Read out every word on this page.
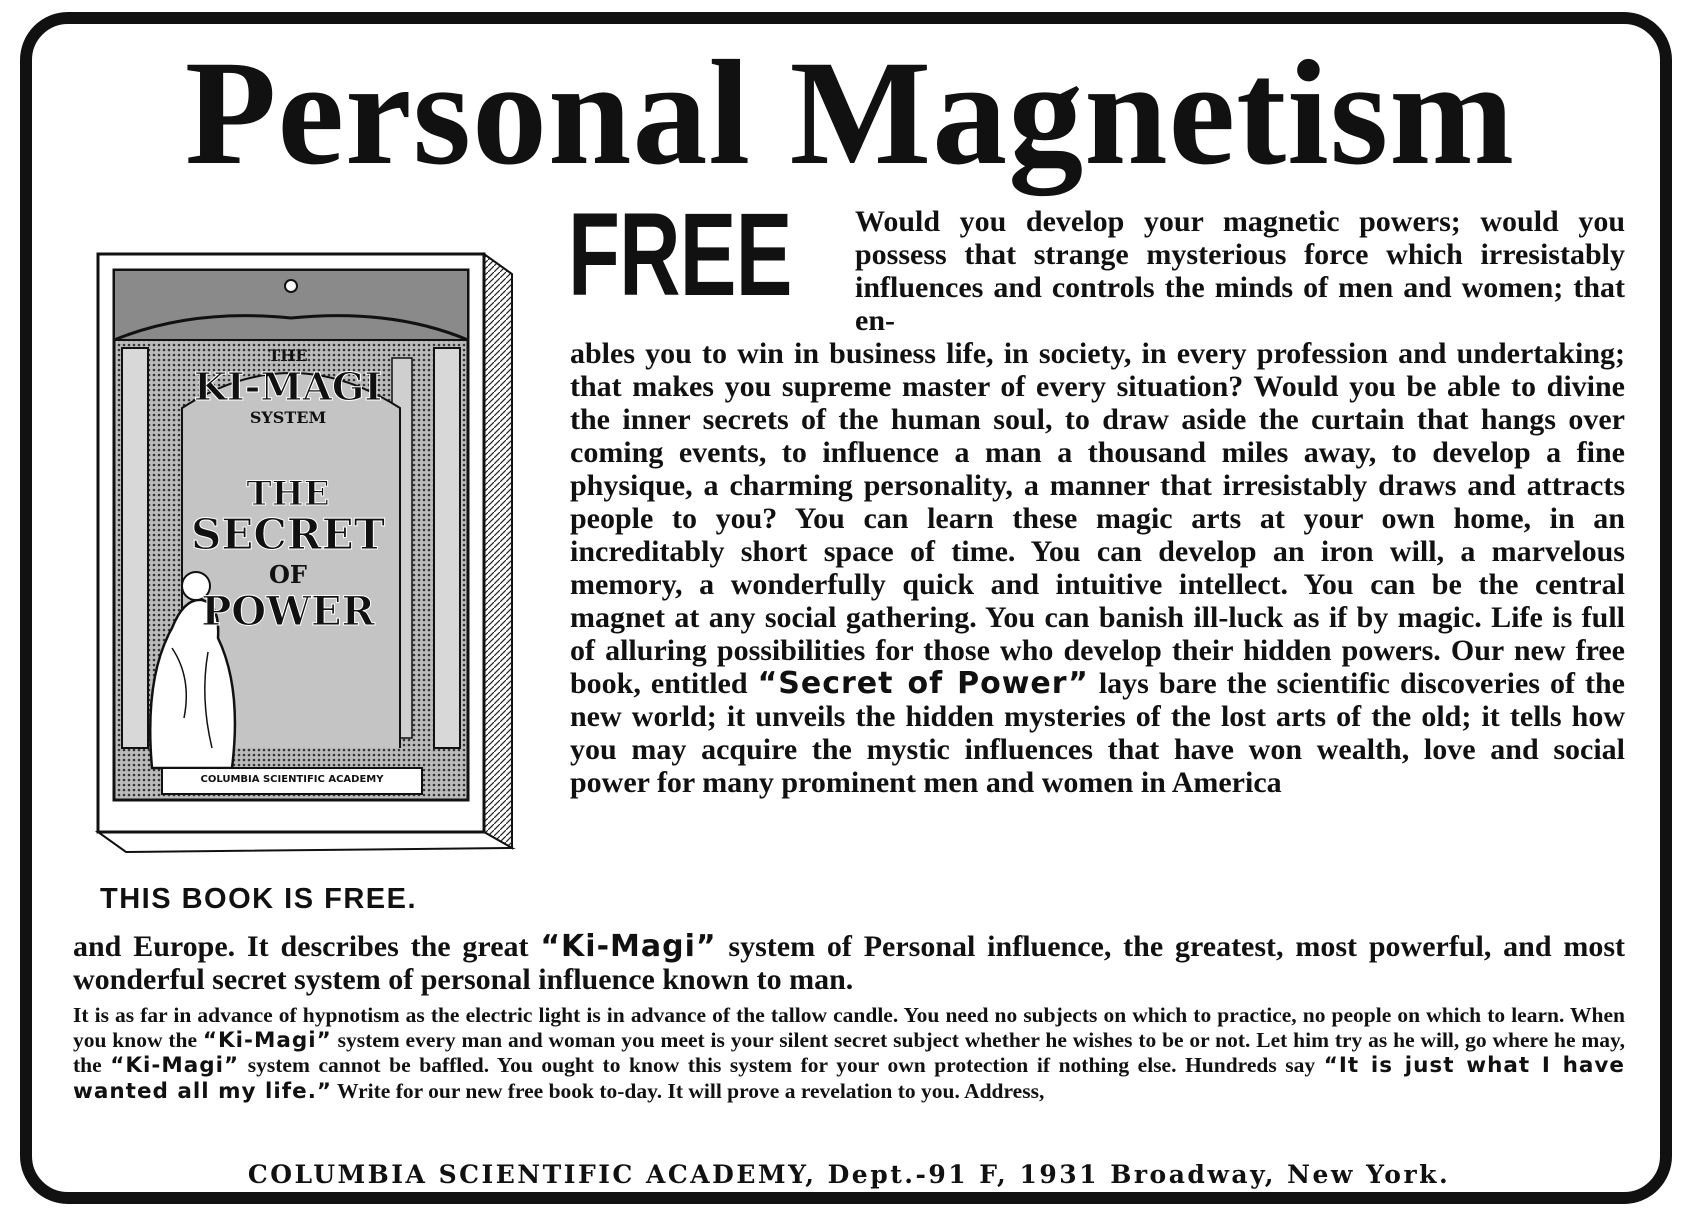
Personal Magnetism
FREE
THE
KI-MAGI
SYSTEM
THE
SECRET
OF
POWER
COLUMBIA SCIENTIFIC ACADEMY
THIS BOOK IS FREE.
Would you develop your magnetic powers; would you possess that strange mysterious force which irresistably influences and controls the minds of men and women; that en-
ables you to win in business life, in society, in every profession and undertaking; that makes you supreme master of every situation? Would you be able to divine the inner secrets of the human soul, to draw aside the curtain that hangs over coming events, to influence a man a thousand miles away, to develop a fine physique, a charming personality, a manner that irresistably draws and attracts people to you? You can learn these magic arts at your own home, in an increditably short space of time. You can develop an iron will, a marvelous memory, a wonderfully quick and intuitive intellect. You can be the central magnet at any social gathering. You can banish ill-luck as if by magic. Life is full of alluring possibilities for those who develop their hidden powers. Our new free book, entitled “Secret of Power” lays bare the scientific discoveries of the new world; it unveils the hidden mysteries of the lost arts of the old; it tells how you may acquire the mystic influences that have won wealth, love and social power for many prominent men and women in America
and Europe. It describes the great “Ki-Magi” system of Personal influence, the greatest, most powerful, and most wonderful secret system of personal influence known to man.
It is as far in advance of hypnotism as the electric light is in advance of the tallow candle. You need no subjects on which to practice, no people on which to learn. When you know the “Ki-Magi” system every man and woman you meet is your silent secret subject whether he wishes to be or not. Let him try as he will, go where he may, the “Ki-Magi” system cannot be baffled. You ought to know this system for your own protection if nothing else. Hundreds say “It is just what I have wanted all my life.” Write for our new free book to-day. It will prove a revelation to you. Address,
COLUMBIA SCIENTIFIC ACADEMY, Dept.-91 F, 1931 Broadway, New York.
